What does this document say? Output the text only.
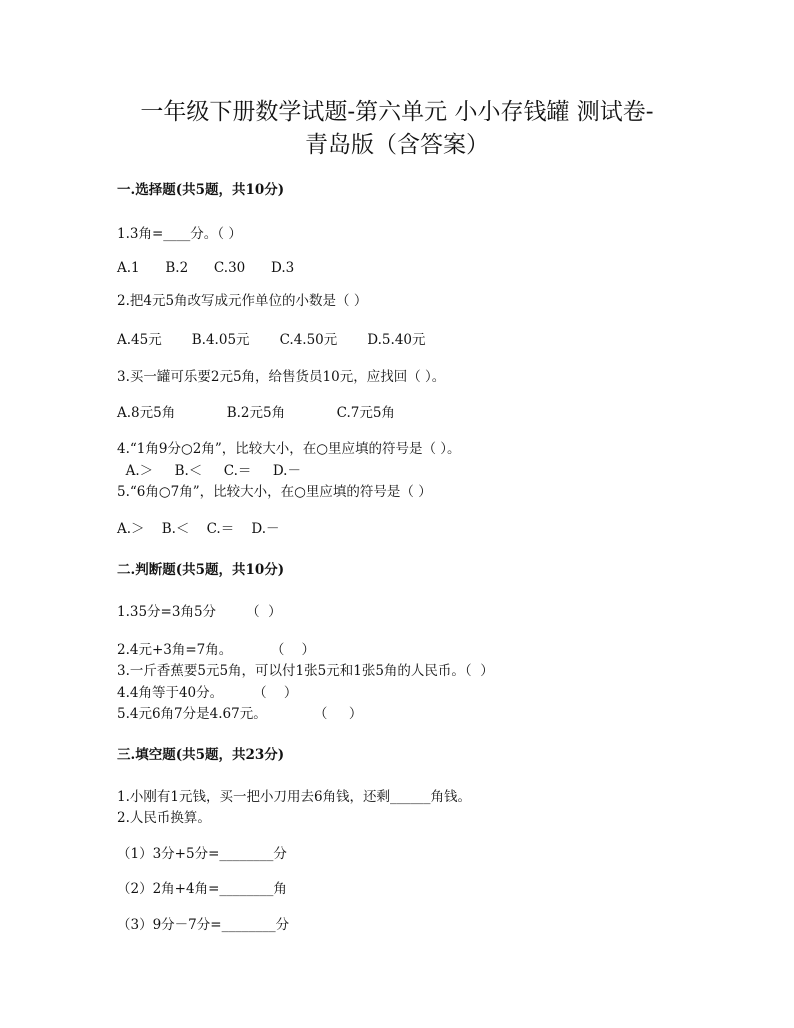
一年级下册数学试题-第六单元 小小存钱罐 测试卷-
青岛版（含答案）
一.选择题(共5题，共10分)
1.3角=____分。（ ）
A.1      B.2      C.30      D.3
2.把4元5角改写成元作单位的小数是（ ）
A.45元       B.4.05元       C.4.50元       D.5.40元
3.买一罐可乐要2元5角，给售货员10元，应找回（ ）。
A.8元5角            B.2元5角            C.7元5角
4.“1角9分○2角”，比较大小，在○里应填的符号是（ ）。
A.＞     B.＜     C.＝     D.－
5.“6角○7角”，比较大小，在○里应填的符号是（ ）
A.＞    B.＜    C.＝    D.－
二.判断题(共5题，共10分)
1.35分=3角5分       （  ）
2.4元+3角=7角。         （    ）
3.一斤香蕉要5元5角，可以付1张5元和1张5角的人民币。（  ）
4.4角等于40分。       （    ）
5.4元6角7分是4.67元。           （     ）
三.填空题(共5题，共23分)
1.小刚有1元钱，买一把小刀用去6角钱，还剩______角钱。
2.人民币换算。
（1）3分+5分=________分
（2）2角+4角=________角
（3）9分－7分=________分
